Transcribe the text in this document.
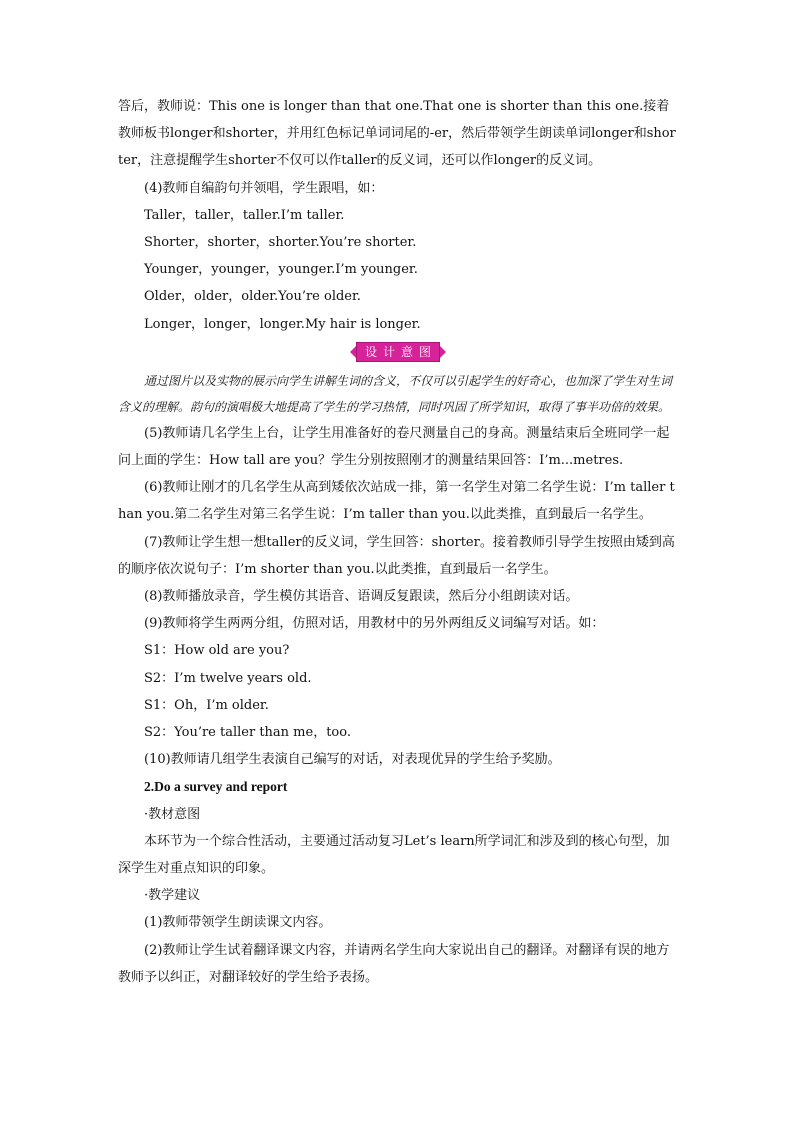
答后，教师说：This one is longer than that one.That one is shorter than this one.接着教师板书longer和shorter，并用红色标记单词词尾的-er，然后带领学生朗读单词longer和shorter，注意提醒学生shorter不仅可以作taller的反义词，还可以作longer的反义词。

(4)教师自编韵句并领唱，学生跟唱，如：

Taller，taller，taller.I’m taller.

Shorter，shorter，shorter.You’re shorter.

Younger，younger，younger.I’m younger.

Older，older，older.You’re older.

Longer，longer，longer.My hair is longer.

设计意图

通过图片以及实物的展示向学生讲解生词的含义，不仅可以引起学生的好奇心，也加深了学生对生词含义的理解。韵句的演唱极大地提高了学生的学习热情，同时巩固了所学知识，取得了事半功倍的效果。

(5)教师请几名学生上台，让学生用准备好的卷尺测量自己的身高。测量结束后全班同学一起问上面的学生：How tall are you？学生分别按照刚才的测量结果回答：I’m...metres.

(6)教师让刚才的几名学生从高到矮依次站成一排，第一名学生对第二名学生说：I’m taller than you.第二名学生对第三名学生说：I’m taller than you.以此类推，直到最后一名学生。

(7)教师让学生想一想taller的反义词，学生回答：shorter。接着教师引导学生按照由矮到高的顺序依次说句子：I’m shorter than you.以此类推，直到最后一名学生。

(8)教师播放录音，学生模仿其语音、语调反复跟读，然后分小组朗读对话。

(9)教师将学生两两分组，仿照对话，用教材中的另外两组反义词编写对话。如：

S1：How old are you?

S2：I’m twelve years old.

S1：Oh，I’m older.

S2：You’re taller than me，too.

(10)教师请几组学生表演自己编写的对话，对表现优异的学生给予奖励。

2.Do a survey and report

·教材意图

本环节为一个综合性活动，主要通过活动复习Let’s learn所学词汇和涉及到的核心句型，加深学生对重点知识的印象。

·教学建议

(1)教师带领学生朗读课文内容。

(2)教师让学生试着翻译课文内容，并请两名学生向大家说出自己的翻译。对翻译有误的地方教师予以纠正，对翻译较好的学生给予表扬。
